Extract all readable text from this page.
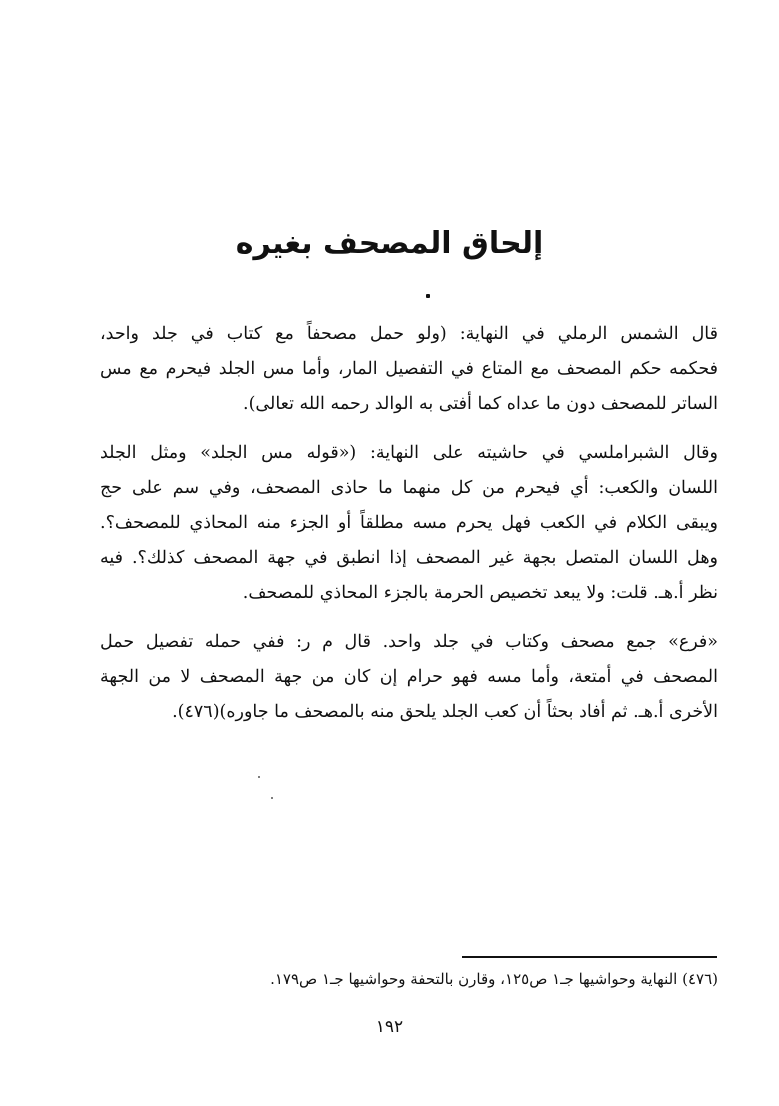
إلحاق المصحف بغيره

قال الشمس الرملي في النهاية: (ولو حمل مصحفاً مع كتاب في جلد واحد،
فحكمه حكم المصحف مع المتاع في التفصيل المار، وأما مس الجلد فيحرم مع مس
الساتر للمصحف دون ما عداه كما أفتى به الوالد رحمه الله تعالى).

وقال الشبراملسي في حاشيته على النهاية: («قوله مس الجلد» ومثل الجلد
اللسان والكعب: أي فيحرم من كل منهما ما حاذى المصحف، وفي سم على حج
ويبقى الكلام في الكعب فهل يحرم مسه مطلقاً أو الجزء منه المحاذي للمصحف؟.
وهل اللسان المتصل بجهة غير المصحف إذا انطبق في جهة المصحف كذلك؟. فيه
نظر أ.هـ. قلت: ولا يبعد تخصيص الحرمة بالجزء المحاذي للمصحف.

«فرع» جمع مصحف وكتاب في جلد واحد. قال م ر: ففي حمله تفصيل حمل
المصحف في أمتعة، وأما مسه فهو حرام إن كان من جهة المصحف لا من الجهة
الأخرى أ.هـ. ثم أفاد بحثاً أن كعب الجلد يلحق منه بالمصحف ما جاوره)(٤٧٦).

(٤٧٦) النهاية وحواشيها جـ١ ص١٢٥، وقارن بالتحفة وحواشيها جـ١ ص١٧٩.

١٩٢
